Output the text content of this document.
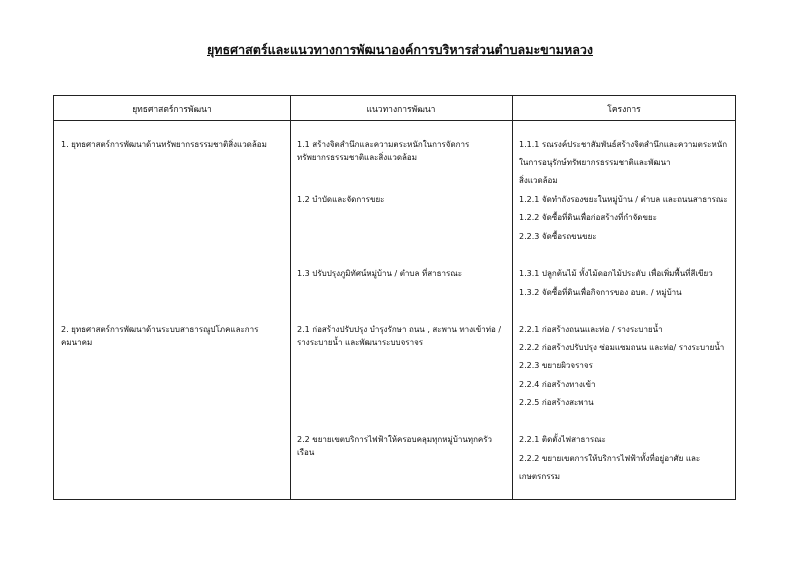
ยุทธศาสตร์และแนวทางการพัฒนาองค์การบริหารส่วนตำบลมะขามหลวง
ยุทธศาสตร์การพัฒนา	แนวทางการพัฒนา	โครงการ
1. ยุทธศาสตร์การพัฒนาด้านทรัพยากรธรรมชาติสิ่งแวดล้อม
2. ยุทธศาสตร์การพัฒนาด้านระบบสาธารณูปโภคและการคมนาคม
1.1 สร้างจิตสำนึกและความตระหนักในการจัดการทรัพยากรธรรมชาติและสิ่งแวดล้อม
1.2 บำบัดและจัดการขยะ
1.3 ปรับปรุงภูมิทัศน์หมู่บ้าน / ตำบล ที่สาธารณะ
2.1 ก่อสร้างปรับปรุง บำรุงรักษา ถนน , สะพาน ทางเข้าท่อ / รางระบายน้ำ และพัฒนาระบบจราจร
2.2 ขยายเขตบริการไฟฟ้าให้ครอบคลุมทุกหมู่บ้านทุกครัวเรือน
1.1.1 รณรงค์ประชาสัมพันธ์สร้างจิตสำนึกและความตระหนัก
ในการอนุรักษ์ทรัพยากรธรรมชาติและพัฒนา
สิ่งแวดล้อม
1.2.1 จัดทำถังรองขยะในหมู่บ้าน / ตำบล และถนนสาธารณะ
1.2.2 จัดซื้อที่ดินเพื่อก่อสร้างที่กำจัดขยะ
2.2.3 จัดซื้อรถขนขยะ
1.3.1 ปลูกต้นไม้ ทั้งไม้ดอกไม้ประดับ เพื่อเพิ่มพื้นที่สีเขียว
1.3.2 จัดซื้อที่ดินเพื่อกิจการของ อบต. / หมู่บ้าน
2.2.1 ก่อสร้างถนนและท่อ / รางระบายน้ำ
2.2.2 ก่อสร้างปรับปรุง ซ่อมแซมถนน และท่อ/ รางระบายน้ำ
2.2.3 ขยายผิวจราจร
2.2.4 ก่อสร้างทางเข้า
2.2.5 ก่อสร้างสะพาน
2.2.1 ติดตั้งไฟสาธารณะ
2.2.2 ขยายเขตการให้บริการไฟฟ้าทั้งที่อยู่อาศัย และ
เกษตรกรรม
